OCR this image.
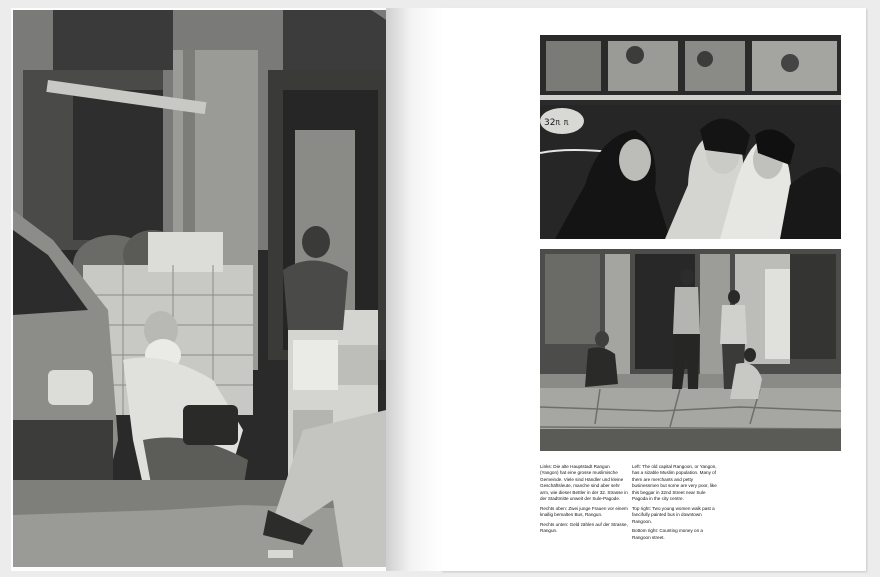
32ᥰ ᥰ

Links: Die alte Hauptstadt Rangun (Yangon) hat eine grosse muslimische Gemeinde. Viele sind Händler und kleine Geschäftsleute, manche sind aber sehr arm, wie dieser Bettler in der 32. Strasse in der Stadtmitte unweit der Sule-Pagode.

Rechts oben: Zwei junge Frauen vor einem knallig bemalten Bus, Rangun.

Rechts unten: Geld zählen auf der Strasse, Rangun.

Left: The old capital Rangoon, or Yangon, has a sizable Muslim population. Many of them are merchants and petty businessmen but some are very poor, like this beggar in 32nd Street near Sule Pagoda in the city centre.

Top right: Two young women walk past a fancifully painted bus in downtown Rangoon.

Bottom right: Counting money on a Rangoon street.
